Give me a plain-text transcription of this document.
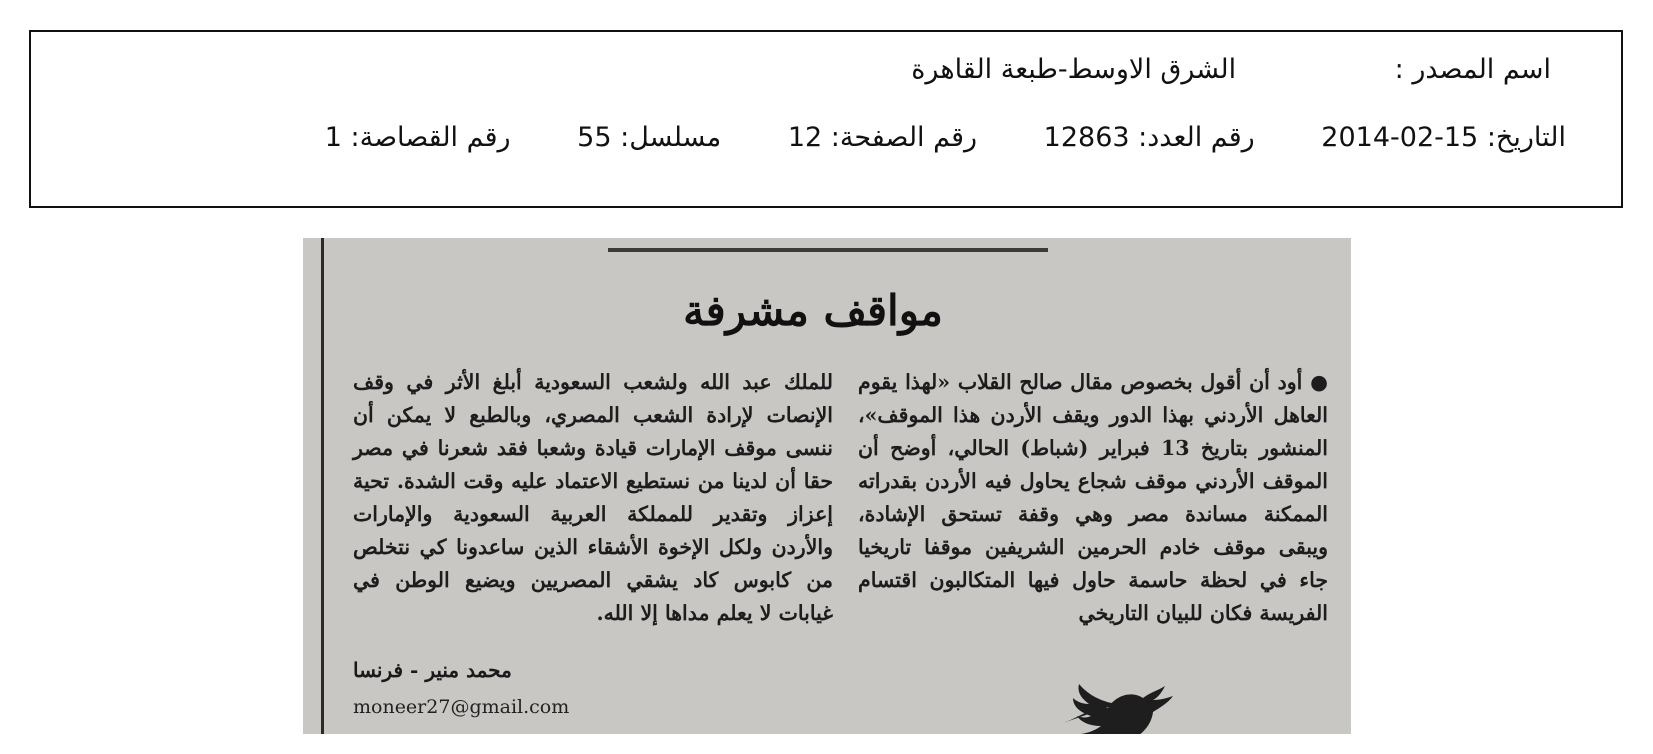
اسم المصدر : الشرق الاوسط-طبعة القاهرة
التاريخ: 15-02-2014 رقم العدد: 12863 رقم الصفحة: 12 مسلسل: 55 رقم القصاصة: 1
مواقف مشرفة
● أود أن أقول بخصوص مقال صالح القلاب «لهذا يقوم العاهل الأردني بهذا الدور ويقف الأردن هذا الموقف»، المنشور بتاريخ 13 فبراير (شباط) الحالي، أوضح أن الموقف الأردني موقف شجاع يحاول فيه الأردن بقدراته الممكنة مساندة مصر وهي وقفة تستحق الإشادة، ويبقى موقف خادم الحرمين الشريفين موقفا تاريخيا جاء في لحظة حاسمة حاول فيها المتكالبون اقتسام الفريسة فكان للبيان التاريخي
للملك عبد الله ولشعب السعودية أبلغ الأثر في وقف الإنصات لإرادة الشعب المصري، وبالطبع لا يمكن أن ننسى موقف الإمارات قيادة وشعبا فقد شعرنا في مصر حقا أن لدينا من نستطيع الاعتماد عليه وقت الشدة. تحية إعزاز وتقدير للمملكة العربية السعودية والإمارات والأردن ولكل الإخوة الأشقاء الذين ساعدونا كي نتخلص من كابوس كاد يشقي المصريين ويضيع الوطن في غيابات لا يعلم مداها إلا الله.
محمد منير - فرنسا
moneer27@gmail.com
